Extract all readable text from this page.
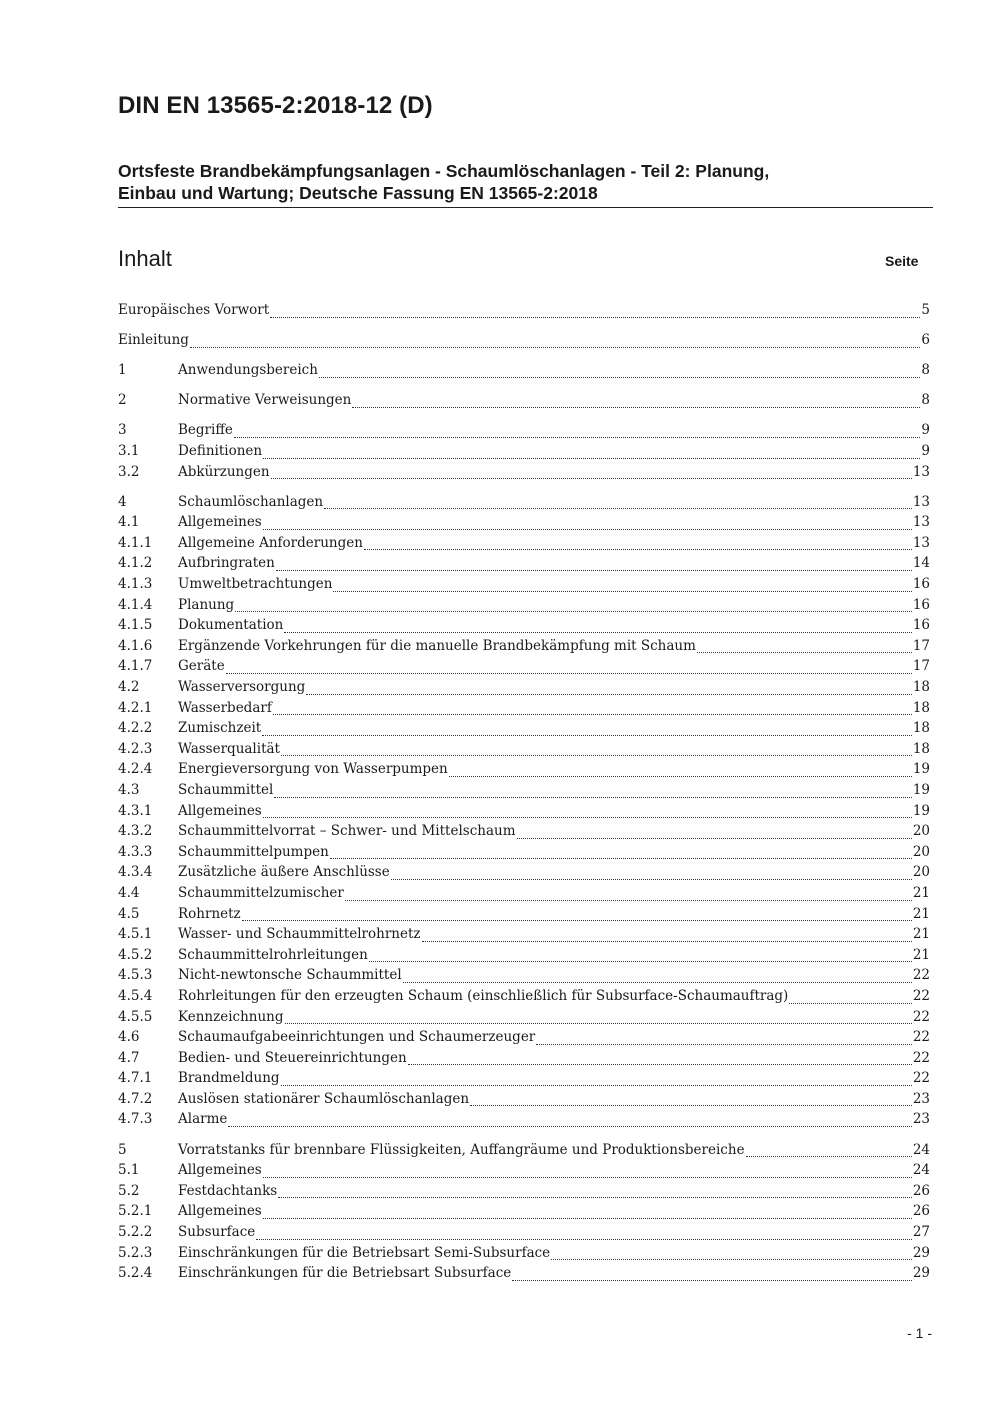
DIN EN 13565-2:2018-12 (D)
Ortsfeste Brandbekämpfungsanlagen - Schaumlöschanlagen - Teil 2: Planung,
Einbau und Wartung; Deutsche Fassung EN 13565-2:2018
Inhalt	Seite
Europäisches Vorwort	5
Einleitung	6
1	Anwendungsbereich	8
2	Normative Verweisungen	8
3	Begriffe	9
3.1	Definitionen	9
3.2	Abkürzungen	13
4	Schaumlöschanlagen	13
4.1	Allgemeines	13
4.1.1	Allgemeine Anforderungen	13
4.1.2	Aufbringraten	14
4.1.3	Umweltbetrachtungen	16
4.1.4	Planung	16
4.1.5	Dokumentation	16
4.1.6	Ergänzende Vorkehrungen für die manuelle Brandbekämpfung mit Schaum	17
4.1.7	Geräte	17
4.2	Wasserversorgung	18
4.2.1	Wasserbedarf	18
4.2.2	Zumischzeit	18
4.2.3	Wasserqualität	18
4.2.4	Energieversorgung von Wasserpumpen	19
4.3	Schaummittel	19
4.3.1	Allgemeines	19
4.3.2	Schaummittelvorrat – Schwer- und Mittelschaum	20
4.3.3	Schaummittelpumpen	20
4.3.4	Zusätzliche äußere Anschlüsse	20
4.4	Schaummittelzumischer	21
4.5	Rohrnetz	21
4.5.1	Wasser- und Schaummittelrohrnetz	21
4.5.2	Schaummittelrohrleitungen	21
4.5.3	Nicht-newtonsche Schaummittel	22
4.5.4	Rohrleitungen für den erzeugten Schaum (einschließlich für Subsurface-Schaumauftrag)	22
4.5.5	Kennzeichnung	22
4.6	Schaumaufgabeeinrichtungen und Schaumerzeuger	22
4.7	Bedien- und Steuereinrichtungen	22
4.7.1	Brandmeldung	22
4.7.2	Auslösen stationärer Schaumlöschanlagen	23
4.7.3	Alarme	23
5	Vorratstanks für brennbare Flüssigkeiten, Auffangräume und Produktionsbereiche	24
5.1	Allgemeines	24
5.2	Festdachtanks	26
5.2.1	Allgemeines	26
5.2.2	Subsurface	27
5.2.3	Einschränkungen für die Betriebsart Semi-Subsurface	29
5.2.4	Einschränkungen für die Betriebsart Subsurface	29
- 1 -
